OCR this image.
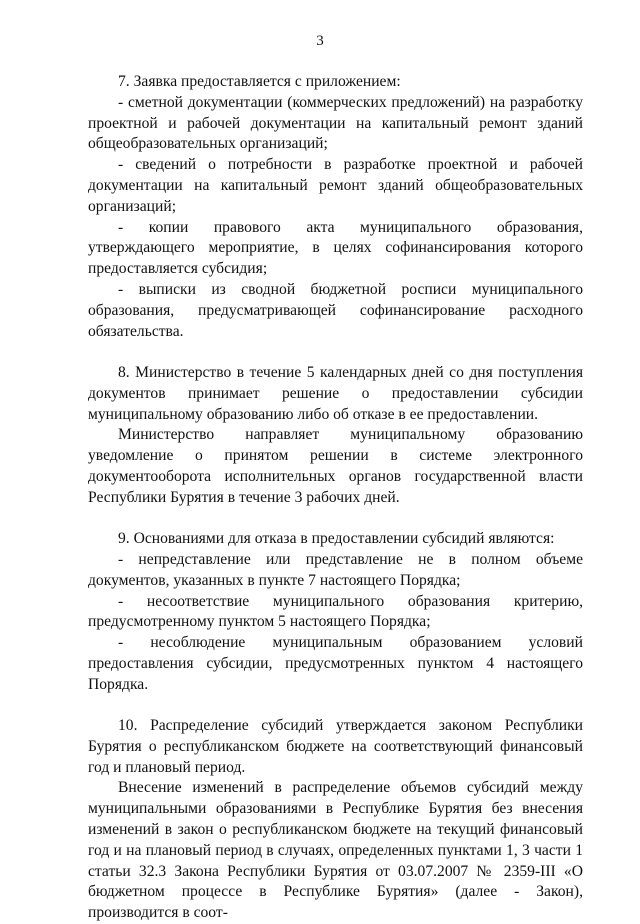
3

7. Заявка предоставляется с приложением:

- сметной документации (коммерческих предложений) на разработку проектной и рабочей документации на капитальный ремонт зданий общеобразовательных организаций;

- сведений о потребности в разработке проектной и рабочей документации на капитальный ремонт зданий общеобразовательных организаций;

- копии правового акта муниципального образования, утверждающего мероприятие, в целях софинансирования которого предоставляется субсидия;

- выписки из сводной бюджетной росписи муниципального образования, предусматривающей софинансирование расходного обязательства.

8. Министерство в течение 5 календарных дней со дня поступления документов принимает решение о предоставлении субсидии муниципальному образованию либо об отказе в ее предоставлении.

Министерство направляет муниципальному образованию уведомление о принятом решении в системе электронного документооборота исполнительных органов государственной власти Республики Бурятия в течение 3 рабочих дней.

9. Основаниями для отказа в предоставлении субсидий являются:

- непредставление или представление не в полном объеме документов, указанных в пункте 7 настоящего Порядка;

- несоответствие муниципального образования критерию, предусмотренному пунктом 5 настоящего Порядка;

- несоблюдение муниципальным образованием условий предоставления субсидии, предусмотренных пунктом 4 настоящего Порядка.

10. Распределение субсидий утверждается законом Республики Бурятия о республиканском бюджете на соответствующий финансовый год и плановый период.

Внесение изменений в распределение объемов субсидий между муниципальными образованиями в Республике Бурятия без внесения изменений в закон о республиканском бюджете на текущий финансовый год и на плановый период в случаях, определенных пунктами 1, 3 части 1 статьи 32.3 Закона Республики Бурятия от 03.07.2007 № 2359-III «О бюджетном процессе в Республике Бурятия» (далее - Закон), производится в соот-
